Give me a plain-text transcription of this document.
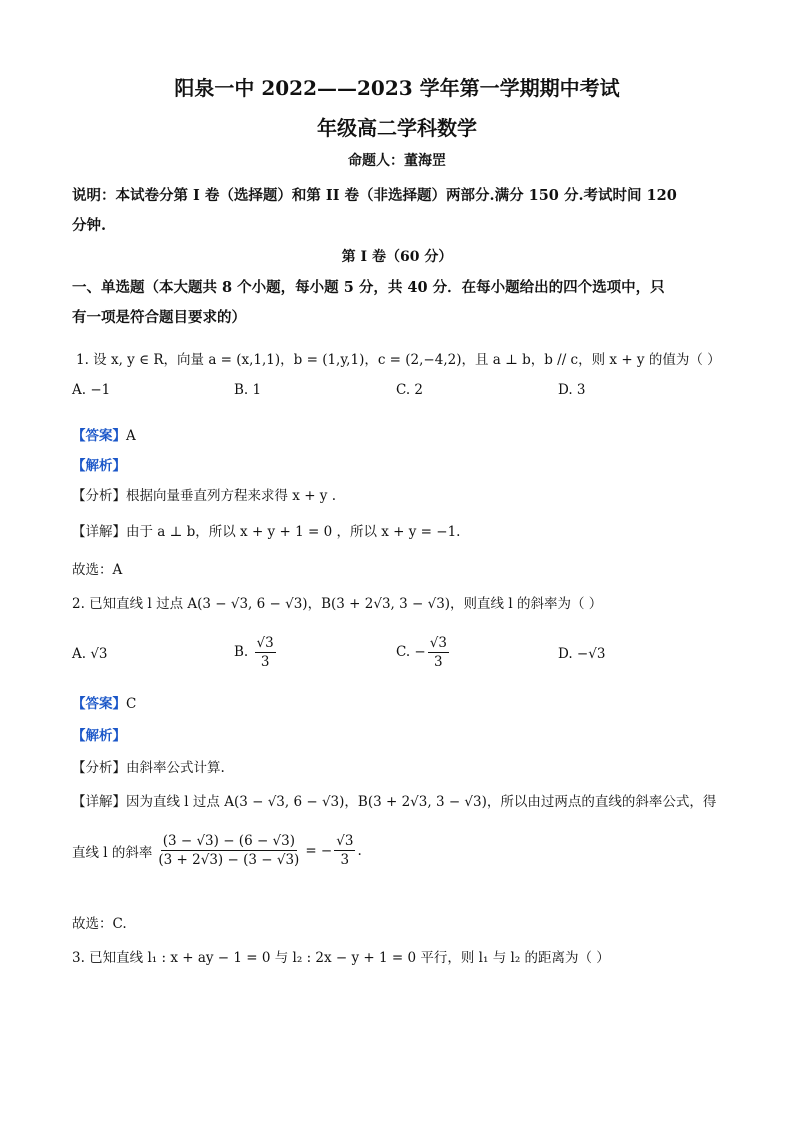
阳泉一中 2022——2023 学年第一学期期中考试
年级高二学科数学
命题人：董海罡
说明：本试卷分第 I 卷（选择题）和第 II 卷（非选择题）两部分.满分 150 分.考试时间 120
分钟.
第 I 卷（60 分）
一、单选题（本大题共 8 个小题，每小题 5 分，共 40 分．在每小题给出的四个选项中，只
有一项是符合题目要求的）
1. 设 x, y ∈ R，向量 a = (x,1,1)，b = (1,y,1)，c = (2,−4,2)，且 a ⊥ b，b // c，则 x + y 的值为（ ）
A. −1	B. 1	C. 2	D. 3
【答案】A
【解析】
【分析】根据向量垂直列方程来求得 x + y .
【详解】由于 a ⊥ b，所以 x + y + 1 = 0 ，所以 x + y = −1.
故选：A
2. 已知直线 l 过点 A(3 − √3, 6 − √3)，B(3 + 2√3, 3 − √3)，则直线 l 的斜率为（ ）
A. √3	B. $\frac{√3}{3}$	C. − $\frac{√3}{3}$	D. −√3
【答案】C
【解析】
【分析】由斜率公式计算.
【详解】因为直线 l 过点 A(3 − √3, 6 − √3)，B(3 + 2√3, 3 − √3)，所以由过两点的直线的斜率公式，得
直线 l 的斜率 $\frac{(3 - √3) - (6 - √3)}{(3 + 2√3) - (3 - √3)}$ = − $\frac{√3}{3}$ .
故选：C.
3. 已知直线 l₁ : x + ay − 1 = 0 与 l₂ : 2x − y + 1 = 0 平行，则 l₁ 与 l₂ 的距离为（ ）
